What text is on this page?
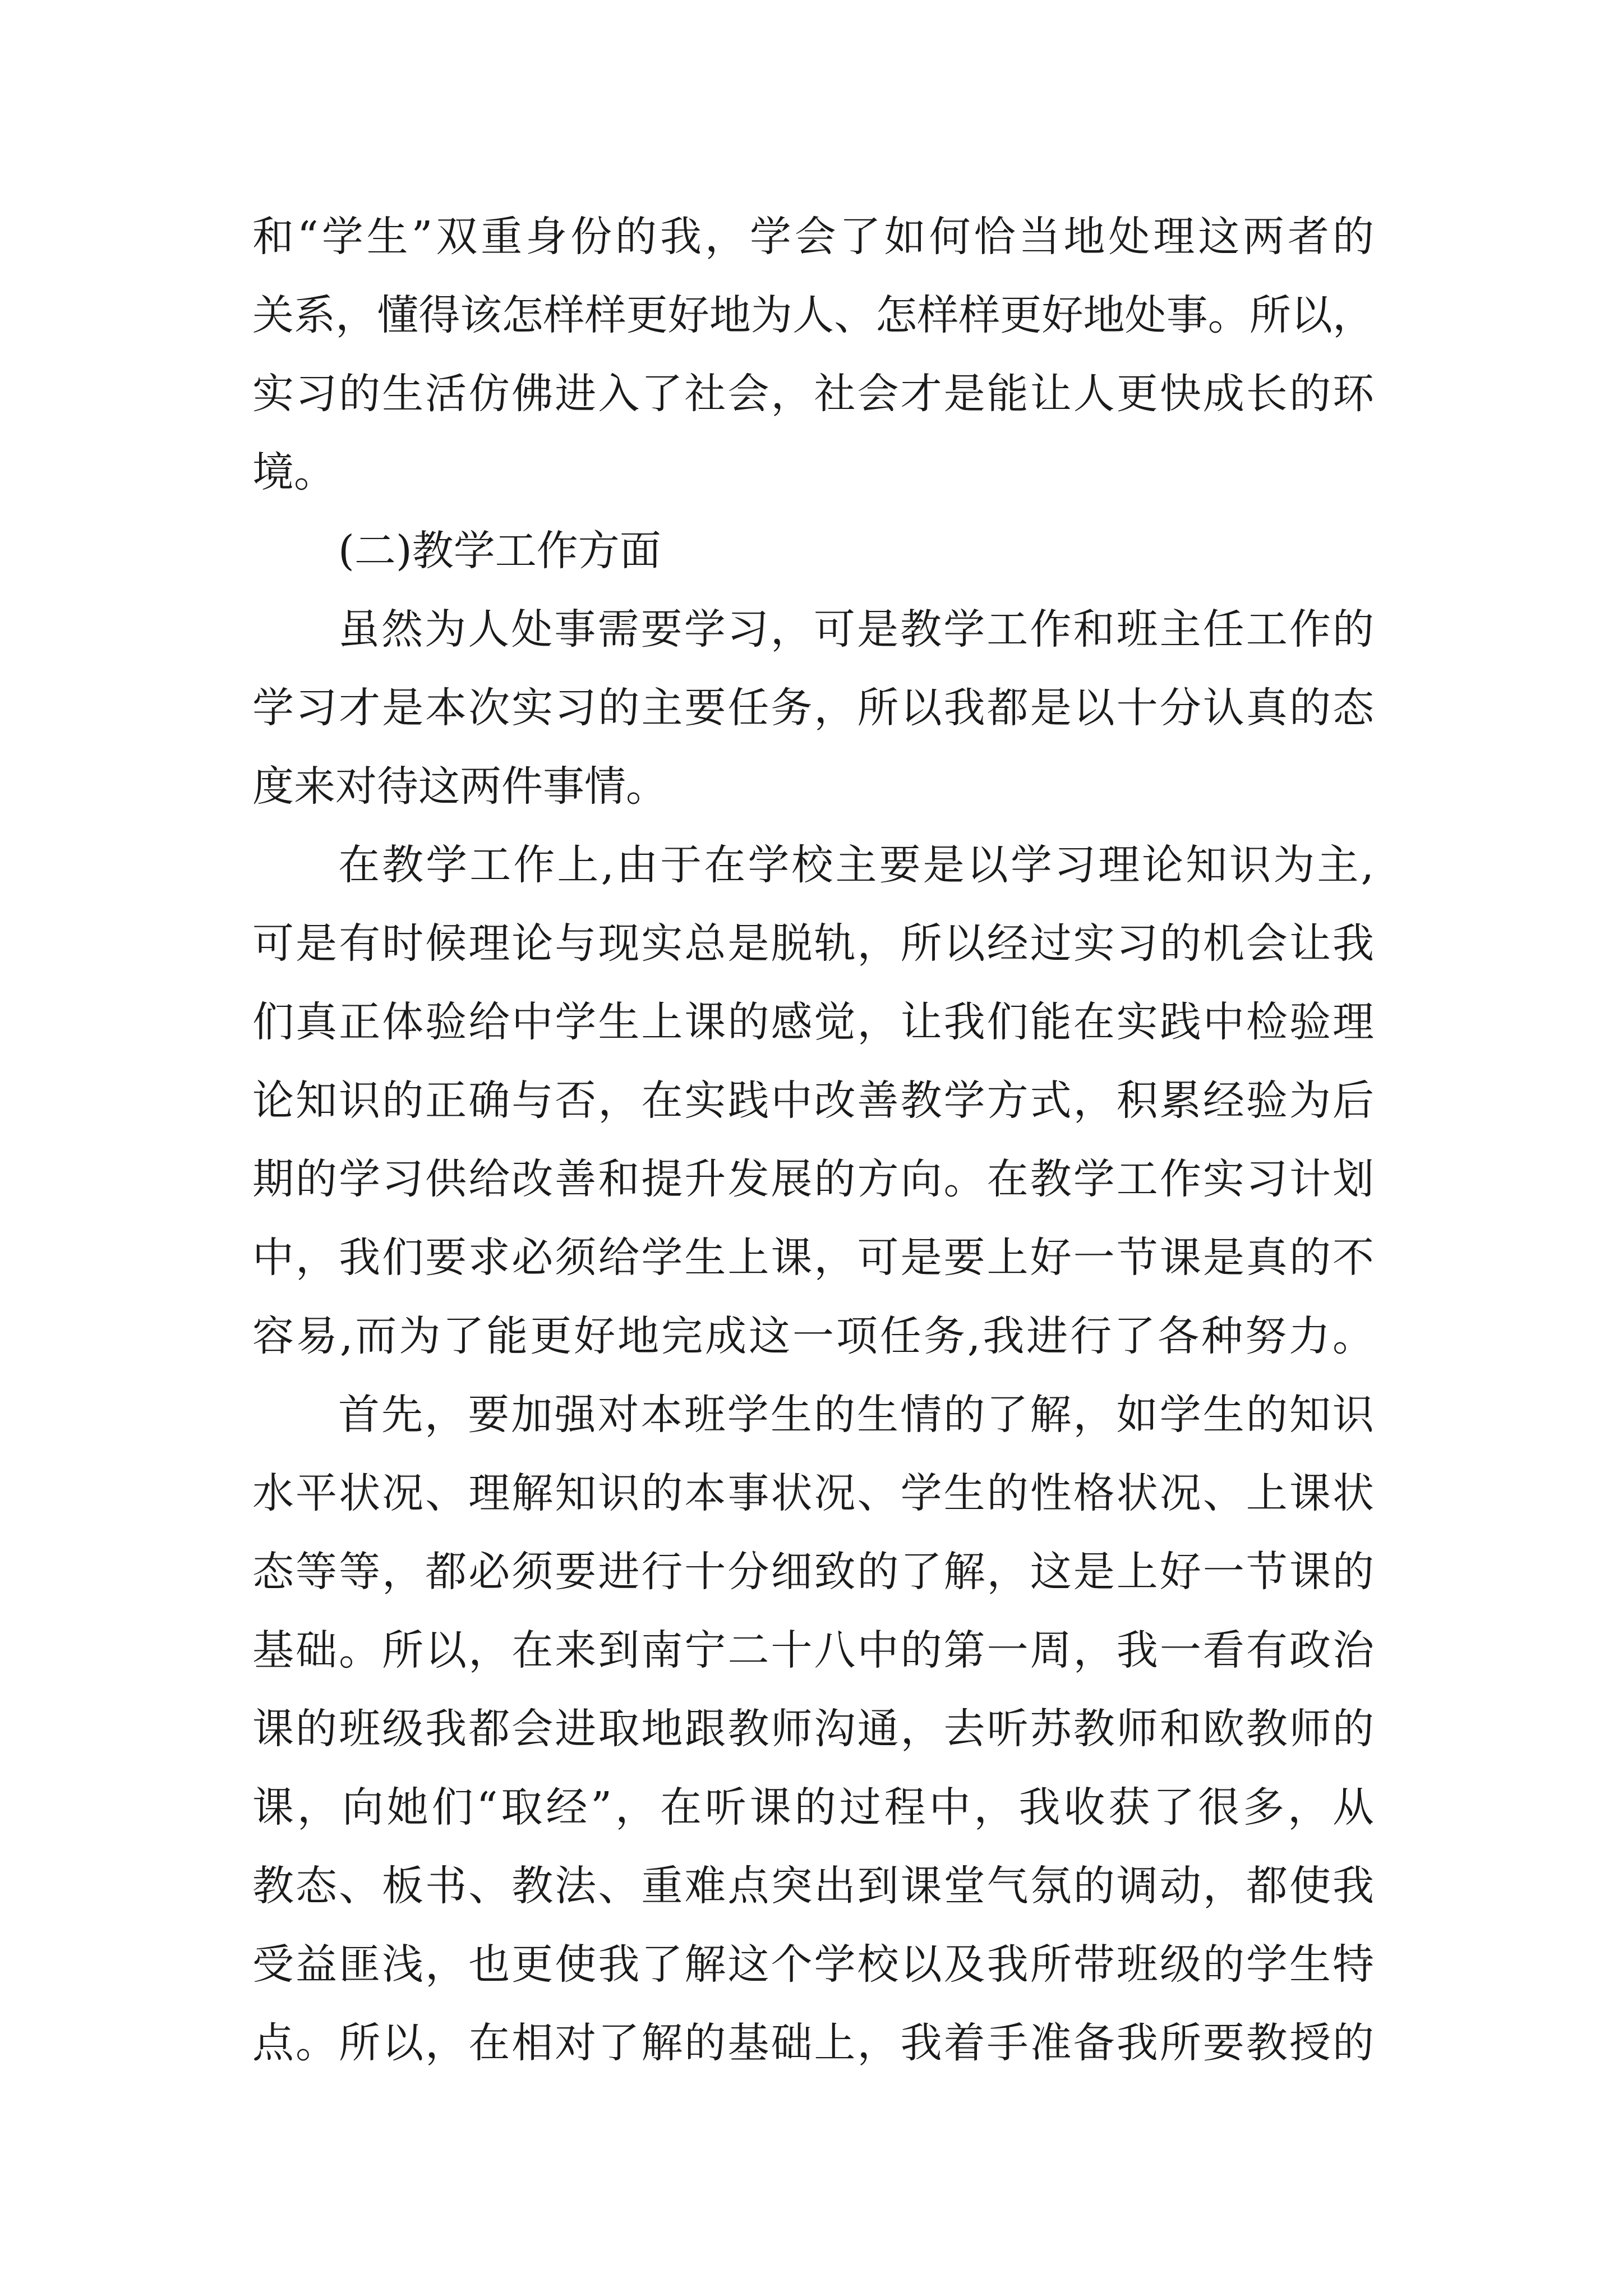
和“学生”双重身份的我，学会了如何恰当地处理这两者的
关系，懂得该怎样样更好地为人、怎样样更好地处事。所以，
实习的生活仿佛进入了社会，社会才是能让人更快成长的环
境。
(二)教学工作方面
虽然为人处事需要学习，可是教学工作和班主任工作的
学习才是本次实习的主要任务，所以我都是以十分认真的态
度来对待这两件事情。
在教学工作上,由于在学校主要是以学习理论知识为主,
可是有时候理论与现实总是脱轨，所以经过实习的机会让我
们真正体验给中学生上课的感觉，让我们能在实践中检验理
论知识的正确与否，在实践中改善教学方式，积累经验为后
期的学习供给改善和提升发展的方向。在教学工作实习计划
中，我们要求必须给学生上课，可是要上好一节课是真的不
容易,而为了能更好地完成这一项任务,我进行了各种努力。
首先，要加强对本班学生的生情的了解，如学生的知识
水平状况、理解知识的本事状况、学生的性格状况、上课状
态等等，都必须要进行十分细致的了解，这是上好一节课的
基础。所以，在来到南宁二十八中的第一周，我一看有政治
课的班级我都会进取地跟教师沟通，去听苏教师和欧教师的
课，向她们“取经”，在听课的过程中，我收获了很多，从
教态、板书、教法、重难点突出到课堂气氛的调动，都使我
受益匪浅，也更使我了解这个学校以及我所带班级的学生特
点。所以，在相对了解的基础上，我着手准备我所要教授的
